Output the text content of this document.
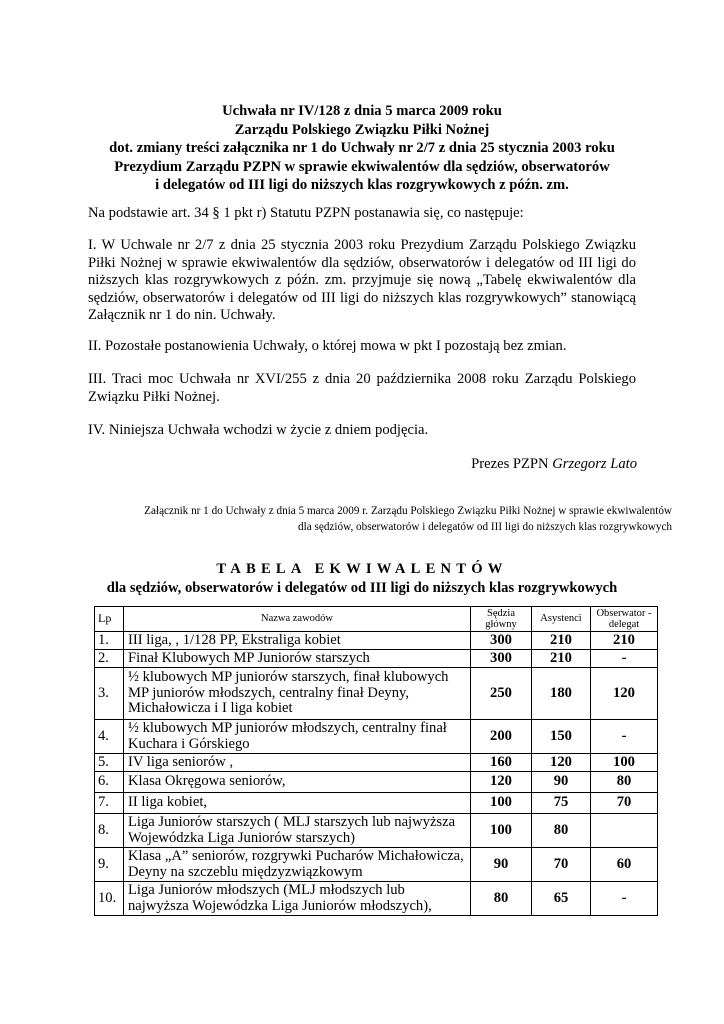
Uchwała nr IV/128 z dnia 5 marca 2009 roku
Zarządu Polskiego Związku Piłki Nożnej
dot. zmiany treści załącznika nr 1 do Uchwały nr 2/7 z dnia 25 stycznia 2003 roku
Prezydium Zarządu PZPN w sprawie ekwiwalentów dla sędziów, obserwatorów
i delegatów od III ligi do niższych klas rozgrywkowych z późn. zm.

Na podstawie art. 34 § 1 pkt r) Statutu PZPN postanawia się, co następuje:

I. W Uchwale nr 2/7 z dnia 25 stycznia 2003 roku Prezydium Zarządu Polskiego Związku Piłki Nożnej w sprawie ekwiwalentów dla sędziów, obserwatorów i delegatów od III ligi do niższych klas rozgrywkowych z późn. zm. przyjmuje się nową „Tabelę ekwiwalentów dla sędziów, obserwatorów i delegatów od III ligi do niższych klas rozgrywkowych” stanowiącą Załącznik nr 1 do nin. Uchwały.

II. Pozostałe postanowienia Uchwały, o której mowa w pkt I pozostają bez zmian.

III. Traci moc Uchwała nr XVI/255 z dnia 20 października 2008 roku Zarządu Polskiego Związku Piłki Nożnej.

IV. Niniejsza Uchwała wchodzi w życie z dniem podjęcia.

Prezes PZPN Grzegorz Lato
Załącznik nr 1 do Uchwały z dnia 5 marca 2009 r. Zarządu Polskiego Związku Piłki Nożnej w sprawie ekwiwalentów
dla sędziów, obserwatorów i delegatów od III ligi do niższych klas rozgrywkowych
TABELA EKWIWALENTÓW
dla sędziów, obserwatorów i delegatów od III ligi do niższych klas rozgrywkowych
Lp	Nazwa zawodów	Sędzia główny	Asystenci	Obserwator - delegat
1.	III liga, , 1/128 PP, Ekstraliga kobiet	300	210	210
2.	Finał Klubowych MP Juniorów starszych	300	210	-
3.	½ klubowych MP juniorów starszych, finał klubowych MP juniorów młodszych, centralny finał Deyny, Michałowicza i I liga kobiet	250	180	120
4.	½ klubowych MP juniorów młodszych, centralny finał Kuchara i Górskiego	200	150	-
5.	IV liga seniorów ,	160	120	100
6.	Klasa Okręgowa seniorów,	120	90	80
7.	II liga kobiet,	100	75	70
8.	Liga Juniorów starszych ( MLJ starszych lub najwyższa Wojewódzka Liga Juniorów starszych)	100	80	
9.	Klasa „A” seniorów, rozgrywki Pucharów Michałowicza, Deyny na szczeblu międzyzwiązkowym	90	70	60
10.	Liga Juniorów młodszych (MLJ młodszych lub najwyższa Wojewódzka Liga Juniorów młodszych),	80	65	-
